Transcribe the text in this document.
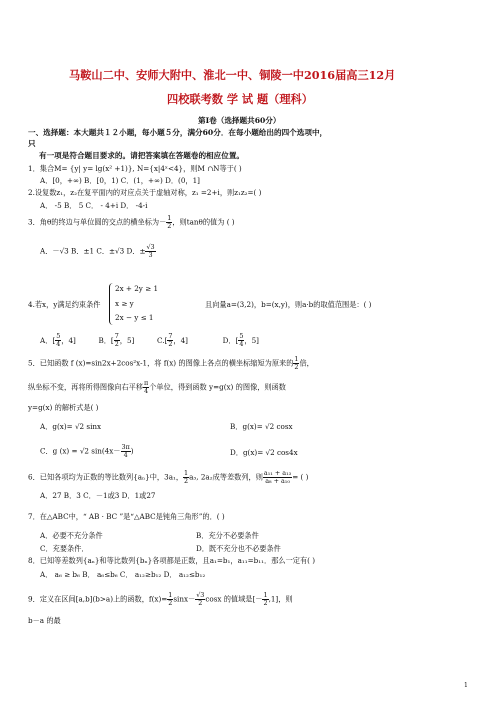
马鞍山二中、安师大附中、淮北一中、铜陵一中2016届高三12月
四校联考数 学 试 题（理科）
第Ⅰ卷（选择题共60分）
一、选择题：本大题共１２小题，每小题５分，满分60分．在每小题给出的四个选项中，
只
有一项是符合题目要求的。请把答案填在答题卷的相应位置。
1．集合M= {y| y= lg(x² +1)}, N={x|4ˣ<4}，则M ∩N等于( )
A．[0，+∞) B．[0，1) C．(1，+∞) D．(0，1]
2.设复数z₁，z₂在复平面内的对应点关于虚轴对称，z₁ =2+i，则z₁z₂=( )
A． -5 B． 5 C． - 4+i D． -4-i
3．角θ的终边与单位圆的交点的横坐标为－ $\frac{1}{2}$ ，则tanθ的值为 ( )
A．－√3 B．±1 C．±√3 D．± $\frac{√3}{3}$
4.若x，y满足约束条件
2x + 2y ≥ 1
x ≥ y
2x − y ≤ 1
且向量a=(3,2)，b=(x,y)，则a·b的取值范围是：( )
A．[ $\frac{5}{4}$ ，4]	B．[ $\frac{7}{2}$ ，5]	$C.[ \frac{7}{2}$ ，4]	D．[ $\frac{5}{4}$ ，5]
5．已知函数 f (x)=sin2x+2cos²x-1，将 f(x) 的图像上各点的横坐标缩短为原来的 $\frac{1}{2}$ 倍，
纵坐标不变，再将所得图像向右平移 $\frac{\pi}{4}$ 个单位，得到函数 y=g(x) 的图像，则函数
y=g(x) 的解析式是( )
A．g(x)= √2 sinx	B．g(x)= √2 cosx
C．g (x) = √2 $\sin(4x- \frac{3\pi}{4}$ )	D．g(x)= √2 cos4x
6．已知各项均为正数的等比数列{aₙ}中，3a₁， $\frac{1}{2} a_3$, 2a₂成等差数列，则 $\frac{\text{a₁₁ + a₁₃}}{\text{a₈ + a₁₀}}$ = ( )
A．27 B．3 C．－1或3 D．1或27
7．在△ABC中，“ AB · BC ”是“△ABC是钝角三角形”的．( )
A．必要不充分条件	B．充分不必要条件
C．充要条件．	D．既不充分也不必要条件
8．已知等差数列{aₙ}和等比数列{bₙ}各项都是正数，且a₁=b₁，a₁₁=b₁₁．那么一定有( )
A． a₆ ≥ b₆ B． a₆≤b₆ C． a₁₂≥b₁₂ D． a₁₂≤b₁₂
9．定义在区间[a,b](b>a)上的函数，$f(x)= \frac{1}{2} \sin x- \frac{√3}{2}$ cosx 的值域是[－ $\frac{1}{2} ,1$]，则
b－a 的最
1
